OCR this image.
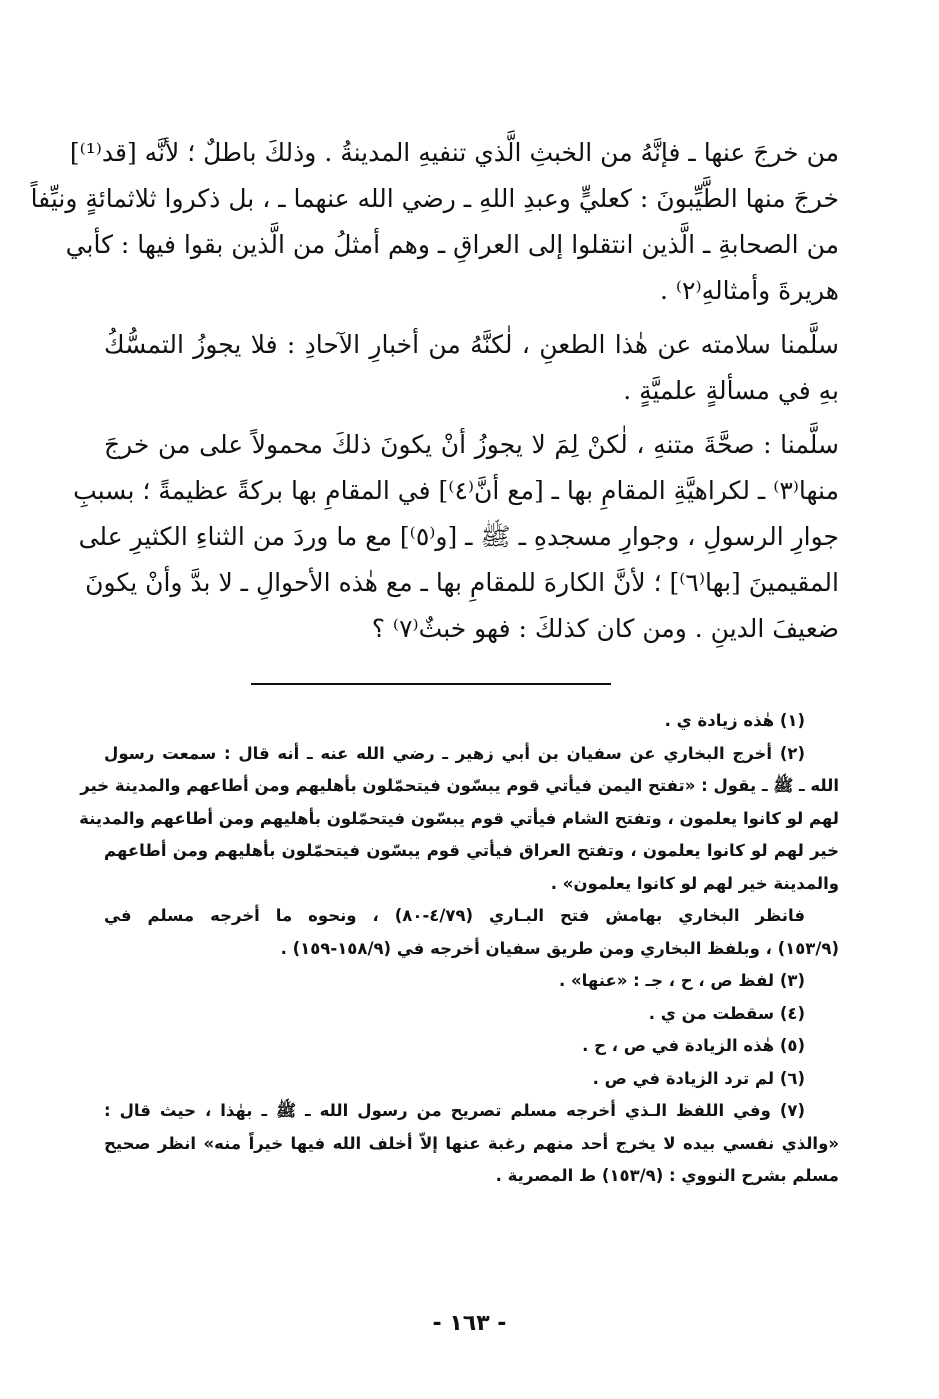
من خرجَ عنها ـ فإنَّهُ من الخبثِ الَّذي تنفيهِ المدينةُ . وذلكَ باطلٌ ؛ لأنَّه [قد⁽¹⁾]
خرجَ منها الطَّيِّبونَ : كعليٍّ وعبدِ اللهِ ـ رضي الله عنهما ـ ، بل ذكروا ثلاثمائةٍ ونيِّفاً
من الصحابةِ ـ الَّذين انتقلوا إلى العراقِ ـ وهم أمثلُ من الَّذين بقوا فيها : كأبي
هريرةَ وأمثالهِ⁽٢⁾ .

سلَّمنا سلامته عن هٰذا الطعنِ ، لٰكنَّهُ من أخبارِ الآحادِ : فلا يجوزُ التمسُّكُ
بهِ في مسألةٍ علميَّةٍ .

سلَّمنا : صحَّةَ متنهِ ، لٰكنْ لِمَ لا يجوزُ أنْ يكونَ ذلكَ محمولاً على من خرجَ
منها⁽٣⁾ ـ لكراهيَّةِ المقامِ بها ـ [مع أنَّ⁽٤⁾] في المقامِ بها بركةً عظيمةً ؛ بسببِ
جوارِ الرسولِ ، وجوارِ مسجدهِ ـ ﷺ ـ [و⁽٥⁾] مع ما وردَ من الثناءِ الكثيرِ على
المقيمينَ [بها⁽٦⁾] ؛ لأنَّ الكارهَ للمقامِ بها ـ مع هٰذه الأحوالِ ـ لا بدَّ وأنْ يكونَ
ضعيفَ الدينِ . ومن كان كذلكَ : فهو خبثٌ⁽٧⁾ ؟

(١) هٰذه زيادة ي .

(٢) أخرج البخاري عن سفيان بن أبي زهير ـ رضي الله عنه ـ أنه قال : سمعت رسول
الله ـ ﷺ ـ يقول : «تفتح اليمن فيأتي قوم يبسّون فيتحمّلون بأهليهم ومن أطاعهم والمدينة خير
لهم لو كانوا يعلمون ، وتفتح الشام فيأتي قوم يبسّون فيتحمّلون بأهليهم ومن أطاعهم والمدينة
خير لهم لو كانوا يعلمون ، وتفتح العراق فيأتي قوم يبسّون فيتحمّلون بأهليهم ومن أطاعهم
والمدينة خير لهم لو كانوا يعلمون» .

فانظر البخاري بهامش فتح البـاري (٤/٧٩-٨٠) ، ونحوه ما أخرجه مسلم في
(١٥٣/٩) ، وبلفظ البخاري ومن طريق سفيان أخرجه في (١٥٨/٩-١٥٩) .

(٣) لفظ ص ، ح ، جـ : «عنها» .

(٤) سقطت من ي .

(٥) هٰذه الزيادة في ص ، ح .

(٦) لم ترد الزيادة في ص .

(٧) وفي اللفظ الـذي أخرجه مسلم تصريح من رسول الله ـ ﷺ ـ بهٰذا ، حيث قال :
«والذي نفسي بيده لا يخرج أحد منهم رغبة عنها إلاّ أخلف الله فيها خيراً منه» انظر صحيح
مسلم بشرح النووي : (١٥٣/٩) ط المصرية .

- ١٦٣ -
